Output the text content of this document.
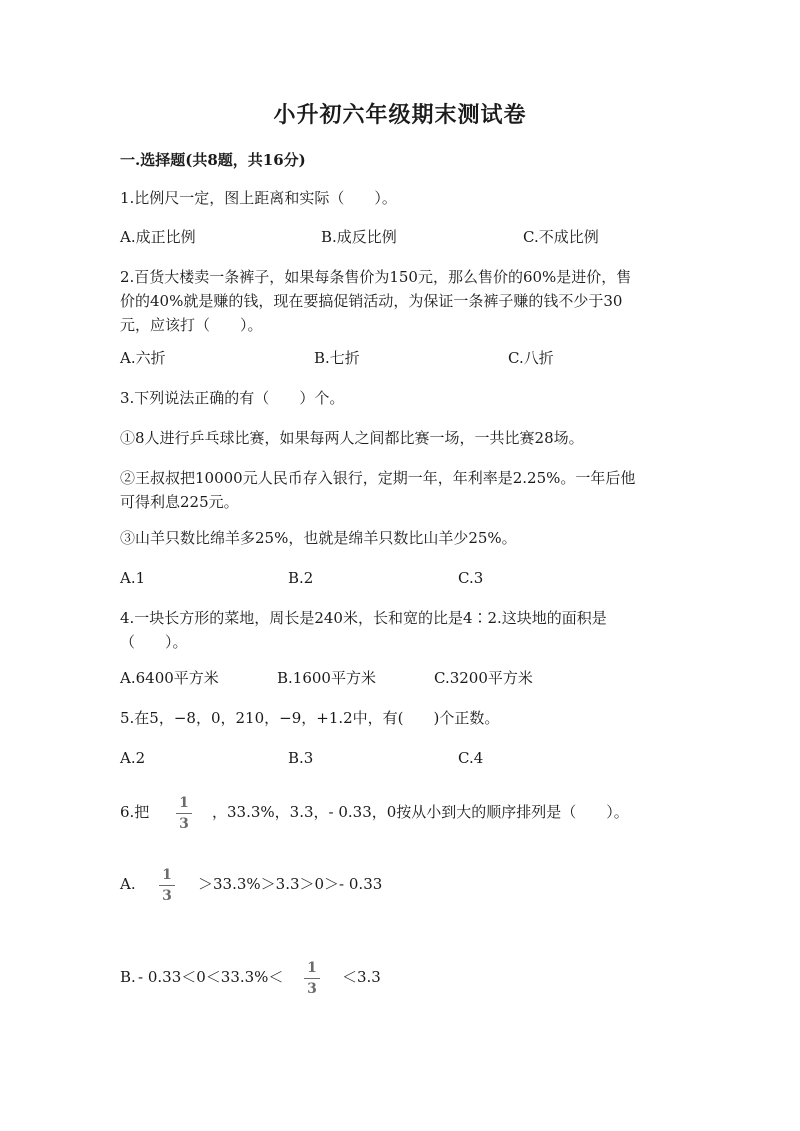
小升初六年级期末测试卷
一.选择题(共8题，共16分)
1.比例尺一定，图上距离和实际（　　）。
A.成正比例	B.成反比例	C.不成比例
2.百货大楼卖一条裤子，如果每条售价为150元，那么售价的60%是进价，售
价的40%就是赚的钱，现在要搞促销活动，为保证一条裤子赚的钱不少于30
元，应该打（　　）。
A.六折	B.七折	C.八折
3.下列说法正确的有（　　）个。
①8人进行乒乓球比赛，如果每两人之间都比赛一场，一共比赛28场。
②王叔叔把10000元人民币存入银行，定期一年，年利率是2.25%。一年后他
可得利息225元。
③山羊只数比绵羊多25%，也就是绵羊只数比山羊少25%。
A.1	B.2	C.3
4.一块长方形的菜地，周长是240米，长和宽的比是4∶2.这块地的面积是
（　　）。
A.6400平方米	B.1600平方米	C.3200平方米
5.在5，−8，0，210，−9，+1.2中，有(　　)个正数。
A.2	B.3	C.4
6.把 1
3
，33.3%，3.3，- 0.33，0按从小到大的顺序排列是（　　）。
A. 1
3
＞33.3%＞3.3＞0＞- 0.33
B. - 0.33＜0＜33.3%＜ 1
3
＜3.3
